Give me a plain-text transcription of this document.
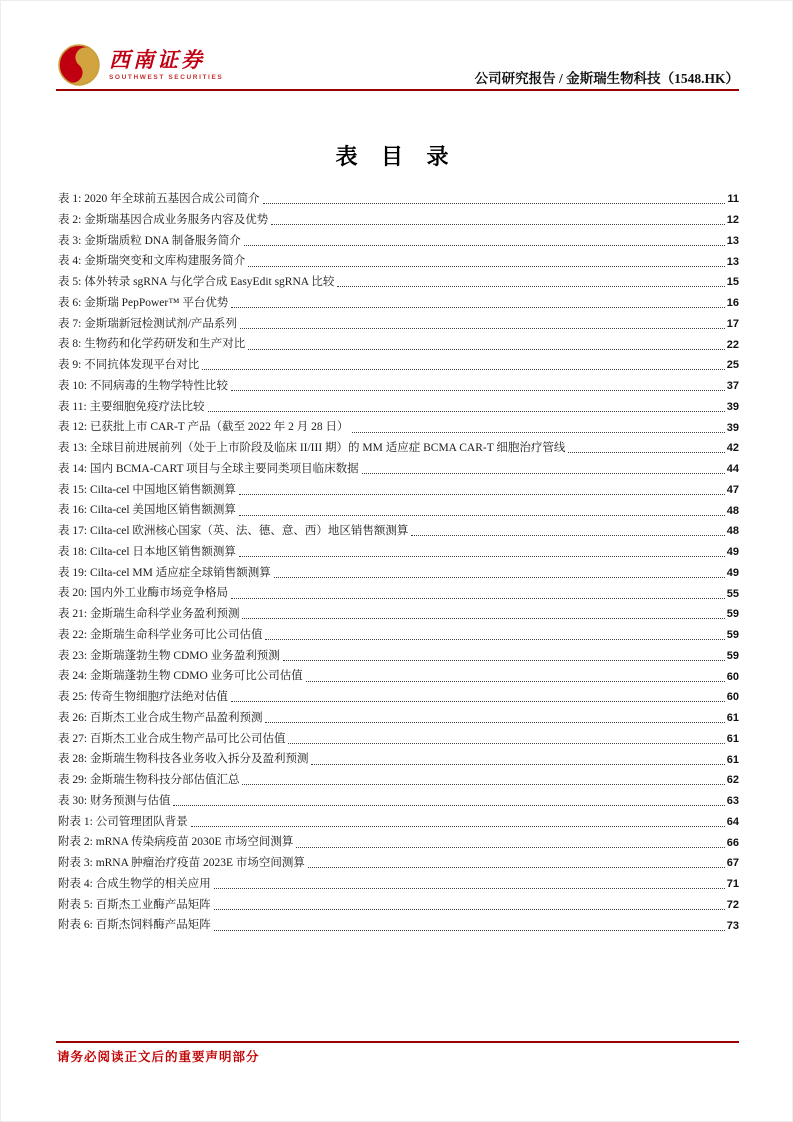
西南证券
SOUTHWEST SECURITIES	公司研究报告 / 金斯瑞生物科技（1548.HK）
表 目 录
表 1: 2020 年全球前五基因合成公司简介	11
表 2: 金斯瑞基因合成业务服务内容及优势	12
表 3: 金斯瑞质粒 DNA 制备服务简介	13
表 4: 金斯瑞突变和文库构建服务简介	13
表 5: 体外转录 sgRNA 与化学合成 EasyEdit sgRNA 比较	15
表 6: 金斯瑞 PepPower™ 平台优势	16
表 7: 金斯瑞新冠检测试剂/产品系列	17
表 8: 生物药和化学药研发和生产对比	22
表 9: 不同抗体发现平台对比	25
表 10: 不同病毒的生物学特性比较	37
表 11: 主要细胞免疫疗法比较	39
表 12: 已获批上市 CAR-T 产品（截至 2022 年 2 月 28 日）	39
表 13: 全球目前进展前列（处于上市阶段及临床 II/III 期）的 MM 适应症 BCMA CAR-T 细胞治疗管线	42
表 14: 国内 BCMA-CART 项目与全球主要同类项目临床数据	44
表 15: Cilta-cel 中国地区销售额测算	47
表 16: Cilta-cel 美国地区销售额测算	48
表 17: Cilta-cel 欧洲核心国家（英、法、德、意、西）地区销售额测算	48
表 18: Cilta-cel 日本地区销售额测算	49
表 19: Cilta-cel MM 适应症全球销售额测算	49
表 20: 国内外工业酶市场竞争格局	55
表 21: 金斯瑞生命科学业务盈利预测	59
表 22: 金斯瑞生命科学业务可比公司估值	59
表 23: 金斯瑞蓬勃生物 CDMO 业务盈利预测	59
表 24: 金斯瑞蓬勃生物 CDMO 业务可比公司估值	60
表 25: 传奇生物细胞疗法绝对估值	60
表 26: 百斯杰工业合成生物产品盈利预测	61
表 27: 百斯杰工业合成生物产品可比公司估值	61
表 28: 金斯瑞生物科技各业务收入拆分及盈利预测	61
表 29: 金斯瑞生物科技分部估值汇总	62
表 30: 财务预测与估值	63
附表 1: 公司管理团队背景	64
附表 2: mRNA 传染病疫苗 2030E 市场空间测算	66
附表 3: mRNA 肿瘤治疗疫苗 2023E 市场空间测算	67
附表 4: 合成生物学的相关应用	71
附表 5: 百斯杰工业酶产品矩阵	72
附表 6: 百斯杰饲料酶产品矩阵	73
请务必阅读正文后的重要声明部分
